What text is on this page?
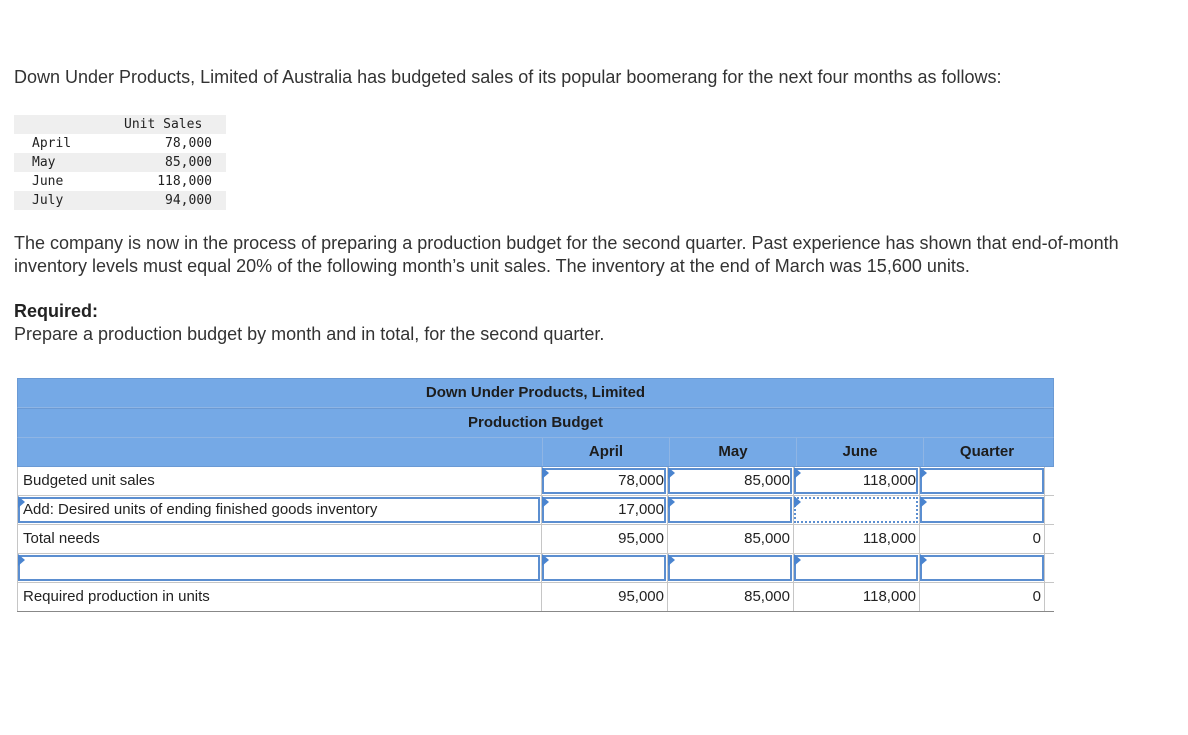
Down Under Products, Limited of Australia has budgeted sales of its popular boomerang for the next four months as follows:
Unit Sales
April	78,000
May	85,000
June	118,000
July	94,000
The company is now in the process of preparing a production budget for the second quarter. Past experience has shown that end-of-month inventory levels must equal 20% of the following month’s unit sales. The inventory at the end of March was 15,600 units.
Required:
Prepare a production budget by month and in total, for the second quarter.
Down Under Products, Limited
Production Budget
April	May	June	Quarter
Budgeted unit sales	78,000	85,000	118,000
Add: Desired units of ending finished goods inventory	17,000
Total needs	95,000	85,000	118,000	0
Required production in units	95,000	85,000	118,000	0
